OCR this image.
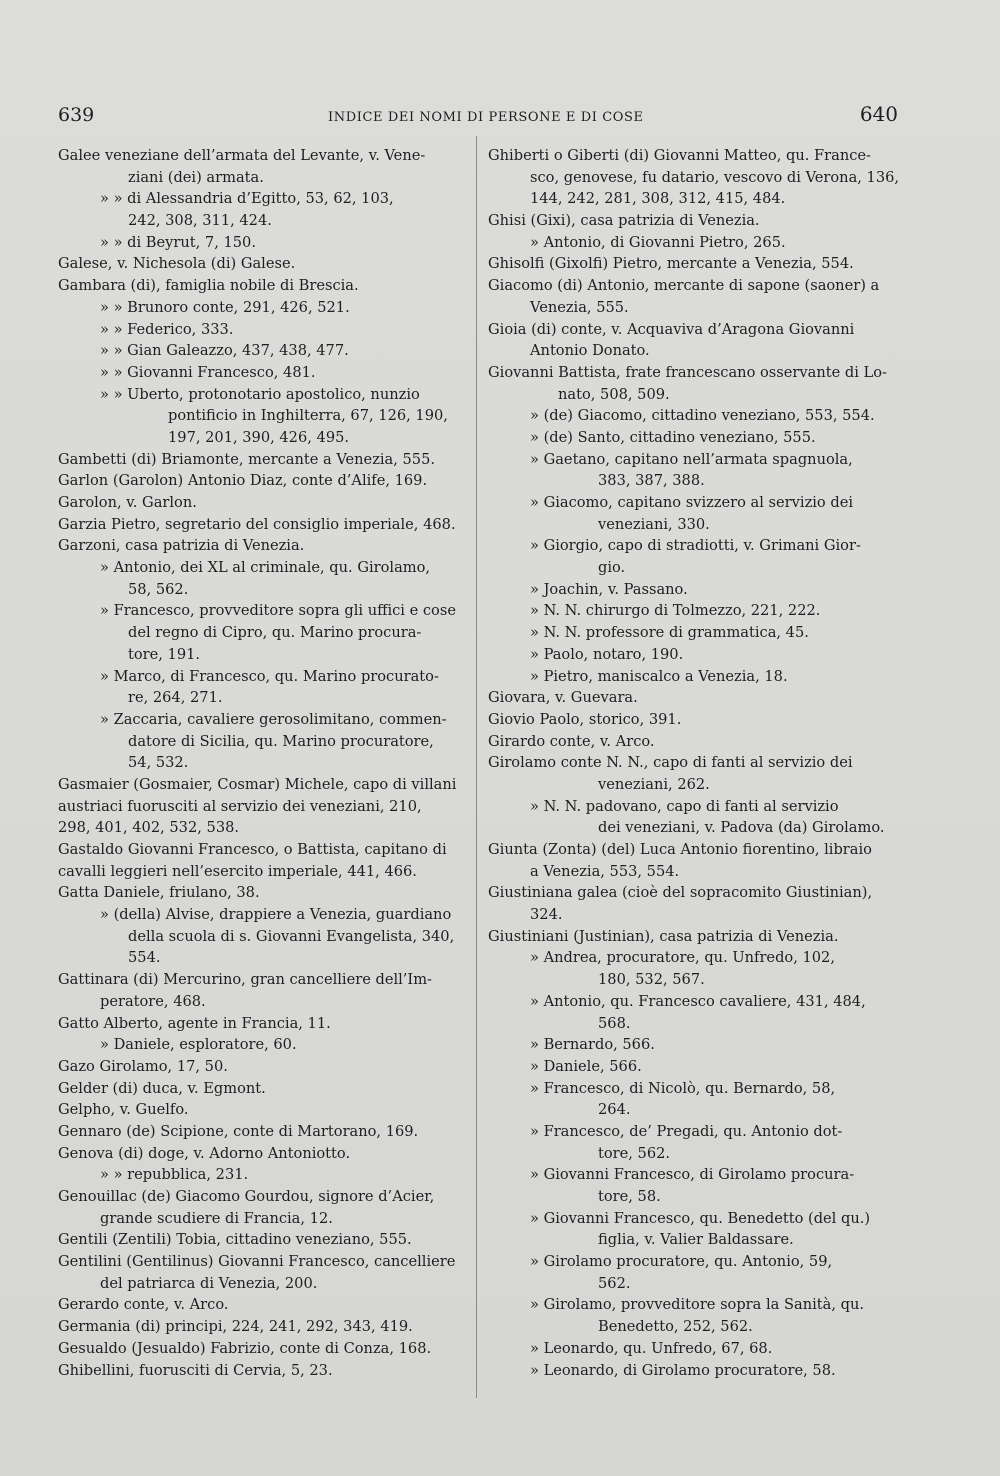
639	INDICE DEI NOMI DI PERSONE E DI COSE	640
Galee veneziane dell’armata del Levante, v. Vene-
ziani (dei) armata.
» » di Alessandria d’Egitto, 53, 62, 103,
242, 308, 311, 424.
» » di Beyrut, 7, 150.
Galese, v. Nichesola (di) Galese.
Gambara (di), famiglia nobile di Brescia.
» » Brunoro conte, 291, 426, 521.
» » Federico, 333.
» » Gian Galeazzo, 437, 438, 477.
» » Giovanni Francesco, 481.
» » Uberto, protonotario apostolico, nunzio
pontificio in Inghilterra, 67, 126, 190,
197, 201, 390, 426, 495.
Gambetti (di) Briamonte, mercante a Venezia, 555.
Garlon (Garolon) Antonio Diaz, conte d’Alife, 169.
Garolon, v. Garlon.
Garzia Pietro, segretario del consiglio imperiale, 468.
Garzoni, casa patrizia di Venezia.
» Antonio, dei XL al criminale, qu. Girolamo,
58, 562.
» Francesco, provveditore sopra gli uffici e cose
del regno di Cipro, qu. Marino procura-
tore, 191.
» Marco, di Francesco, qu. Marino procurato-
re, 264, 271.
» Zaccaria, cavaliere gerosolimitano, commen-
datore di Sicilia, qu. Marino procuratore,
54, 532.
Gasmaier (Gosmaier, Cosmar) Michele, capo di villani
austriaci fuorusciti al servizio dei veneziani, 210,
298, 401, 402, 532, 538.
Gastaldo Giovanni Francesco, o Battista, capitano di
cavalli leggieri nell’esercito imperiale, 441, 466.
Gatta Daniele, friulano, 38.
» (della) Alvise, drappiere a Venezia, guardiano
della scuola di s. Giovanni Evangelista, 340,
554.
Gattinara (di) Mercurino, gran cancelliere dell’Im-
peratore, 468.
Gatto Alberto, agente in Francia, 11.
» Daniele, esploratore, 60.
Gazo Girolamo, 17, 50.
Gelder (di) duca, v. Egmont.
Gelpho, v. Guelfo.
Gennaro (de) Scipione, conte di Martorano, 169.
Genova (di) doge, v. Adorno Antoniotto.
» » repubblica, 231.
Genouillac (de) Giacomo Gourdou, signore d’Acier,
grande scudiere di Francia, 12.
Gentili (Zentili) Tobia, cittadino veneziano, 555.
Gentilini (Gentilinus) Giovanni Francesco, cancelliere
del patriarca di Venezia, 200.
Gerardo conte, v. Arco.
Germania (di) principi, 224, 241, 292, 343, 419.
Gesualdo (Jesualdo) Fabrizio, conte di Conza, 168.
Ghibellini, fuorusciti di Cervia, 5, 23.
Ghiberti o Giberti (di) Giovanni Matteo, qu. France-
sco, genovese, fu datario, vescovo di Verona, 136,
144, 242, 281, 308, 312, 415, 484.
Ghisi (Gixi), casa patrizia di Venezia.
» Antonio, di Giovanni Pietro, 265.
Ghisolfi (Gixolfi) Pietro, mercante a Venezia, 554.
Giacomo (di) Antonio, mercante di sapone (saoner) a
Venezia, 555.
Gioia (di) conte, v. Acquaviva d’Aragona Giovanni
Antonio Donato.
Giovanni Battista, frate francescano osservante di Lo-
nato, 508, 509.
» (de) Giacomo, cittadino veneziano, 553, 554.
» (de) Santo, cittadino veneziano, 555.
» Gaetano, capitano nell’armata spagnuola,
383, 387, 388.
» Giacomo, capitano svizzero al servizio dei
veneziani, 330.
» Giorgio, capo di stradiotti, v. Grimani Gior-
gio.
» Joachin, v. Passano.
» N. N. chirurgo di Tolmezzo, 221, 222.
» N. N. professore di grammatica, 45.
» Paolo, notaro, 190.
» Pietro, maniscalco a Venezia, 18.
Giovara, v. Guevara.
Giovio Paolo, storico, 391.
Girardo conte, v. Arco.
Girolamo conte N. N., capo di fanti al servizio dei
veneziani, 262.
» N. N. padovano, capo di fanti al servizio
dei veneziani, v. Padova (da) Girolamo.
Giunta (Zonta) (del) Luca Antonio fiorentino, libraio
a Venezia, 553, 554.
Giustiniana galea (cioè del sopracomito Giustinian),
324.
Giustiniani (Justinian), casa patrizia di Venezia.
» Andrea, procuratore, qu. Unfredo, 102,
180, 532, 567.
» Antonio, qu. Francesco cavaliere, 431, 484,
568.
» Bernardo, 566.
» Daniele, 566.
» Francesco, di Nicolò, qu. Bernardo, 58,
264.
» Francesco, de’ Pregadi, qu. Antonio dot-
tore, 562.
» Giovanni Francesco, di Girolamo procura-
tore, 58.
» Giovanni Francesco, qu. Benedetto (del qu.)
figlia, v. Valier Baldassare.
» Girolamo procuratore, qu. Antonio, 59,
562.
» Girolamo, provveditore sopra la Sanità, qu.
Benedetto, 252, 562.
» Leonardo, qu. Unfredo, 67, 68.
» Leonardo, di Girolamo procuratore, 58.
